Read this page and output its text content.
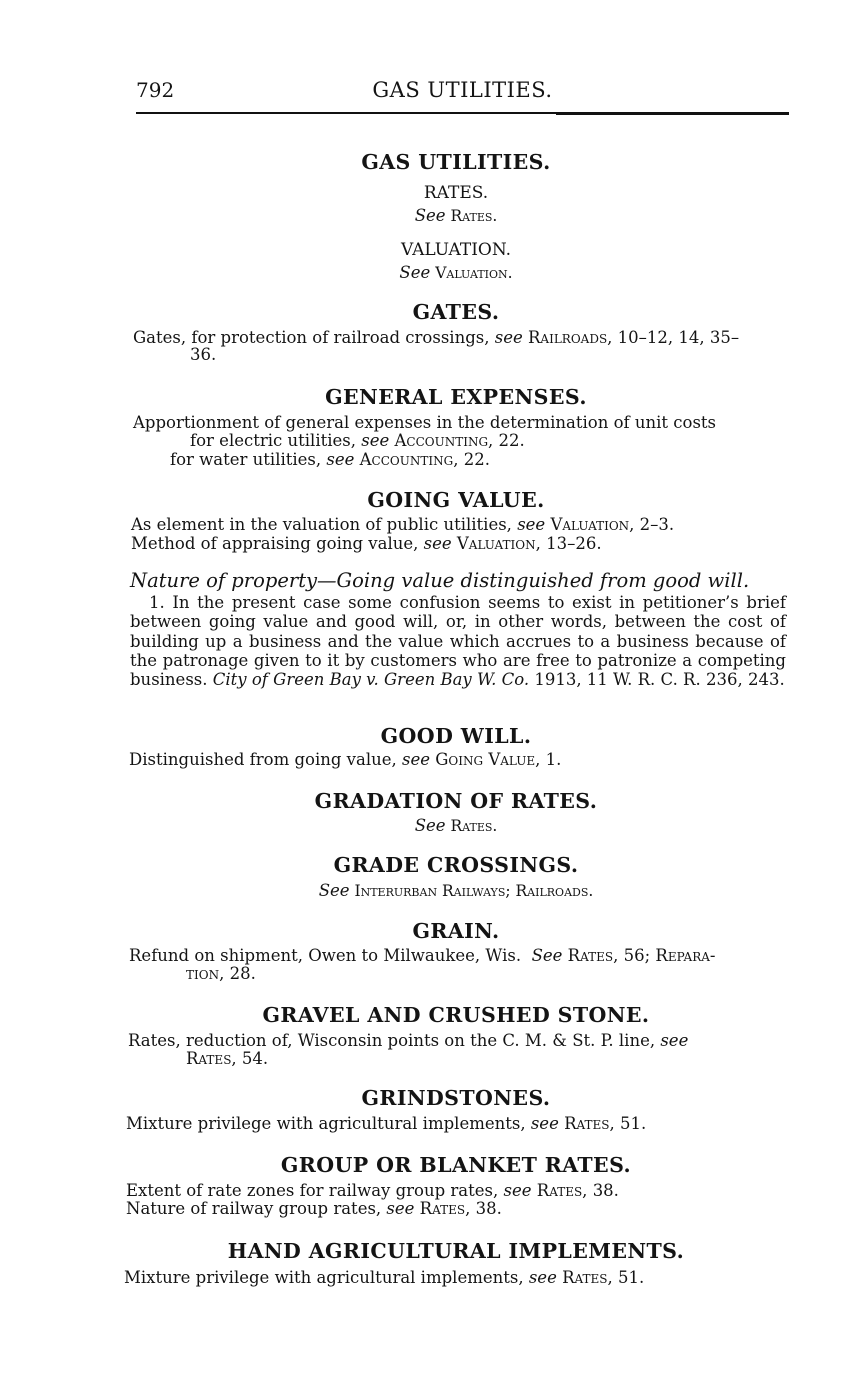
792	GAS UTILITIES.
GAS UTILITIES.
RATES.
See Rates.
VALUATION.
See Valuation.
GATES.
Gates, for protection of railroad crossings, see Railroads, 10–12, 14, 35–
36.
GENERAL EXPENSES.
Apportionment of general expenses in the determination of unit costs
for electric utilities, see Accounting, 22.
for water utilities, see Accounting, 22.
GOING VALUE.
As element in the valuation of public utilities, see Valuation, 2–3.
Method of appraising going value, see Valuation, 13–26.
Nature of property—Going value distinguished from good will.
1. In the present case some confusion seems to exist in petitioner’s brief between going value and good will, or, in other words, between the cost of building up a business and the value which accrues to a business because of the patronage given to it by customers who are free to patronize a competing business. City of Green Bay v. Green Bay W. Co. 1913, 11 W. R. C. R. 236, 243.
GOOD WILL.
Distinguished from going value, see Going Value, 1.
GRADATION OF RATES.
See Rates.
GRADE CROSSINGS.
See Interurban Railways; Railroads.
GRAIN.
Refund on shipment, Owen to Milwaukee, Wis. See Rates, 56; Repara-
tion, 28.
GRAVEL AND CRUSHED STONE.
Rates, reduction of, Wisconsin points on the C. M. & St. P. line, see
Rates, 54.
GRINDSTONES.
Mixture privilege with agricultural implements, see Rates, 51.
GROUP OR BLANKET RATES.
Extent of rate zones for railway group rates, see Rates, 38.
Nature of railway group rates, see Rates, 38.
HAND AGRICULTURAL IMPLEMENTS.
Mixture privilege with agricultural implements, see Rates, 51.
